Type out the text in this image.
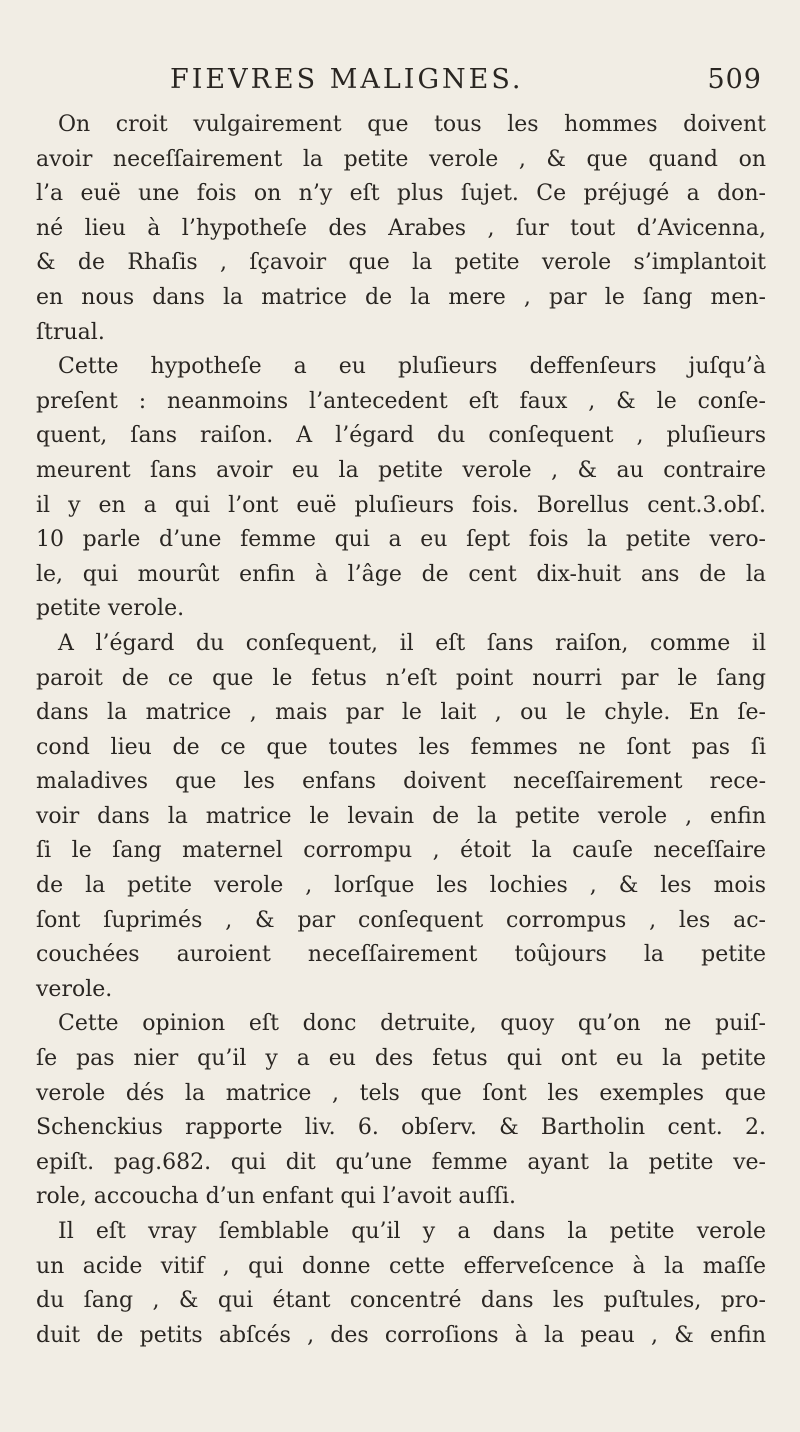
FIEVRES MALIGNES.	509
On croit vulgairement que tous les hommes doivent
avoir neceſſairement la petite verole , & que quand on
l’a euë une fois on n’y eſt plus ſujet. Ce préjugé a don-
né lieu à l’hypotheſe des Arabes , ſur tout d’Avicenna,
& de Rhaſis , ſçavoir que la petite verole s’implantoit
en nous dans la matrice de la mere , par le ſang men-
ſtrual.
Cette hypotheſe a eu pluſieurs deffenſeurs juſqu’à
preſent : neanmoins l’antecedent eſt faux , & le conſe-
quent, ſans raiſon. A l’égard du conſequent , pluſieurs
meurent ſans avoir eu la petite verole , & au contraire
il y en a qui l’ont euë pluſieurs fois. Borellus cent.3.obſ.
10 parle d’une femme qui a eu ſept fois la petite vero-
le, qui mourût enfin à l’âge de cent dix-huit ans de la
petite verole.
A l’égard du conſequent, il eſt ſans raiſon, comme il
paroit de ce que le fetus n’eſt point nourri par le ſang
dans la matrice , mais par le lait , ou le chyle. En ſe-
cond lieu de ce que toutes les femmes ne ſont pas ſi
maladives que les enfans doivent neceſſairement rece-
voir dans la matrice le levain de la petite verole , enfin
ſi le ſang maternel corrompu , étoit la cauſe neceſſaire
de la petite verole , lorſque les lochies , & les mois
ſont ſuprimés , & par conſequent corrompus , les ac-
couchées auroient neceſſairement toûjours la petite
verole.
Cette opinion eſt donc detruite, quoy qu’on ne puiſ-
ſe pas nier qu’il y a eu des fetus qui ont eu la petite
verole dés la matrice , tels que ſont les exemples que
Schenckius rapporte liv. 6. obſerv. & Bartholin cent. 2.
epiſt. pag.682. qui dit qu’une femme ayant la petite ve-
role, accoucha d’un enfant qui l’avoit auſſi.
Il eſt vray ſemblable qu’il y a dans la petite verole
un acide vitif , qui donne cette efferveſcence à la maſſe
du ſang , & qui étant concentré dans les puſtules, pro-
duit de petits abſcés , des corroſions à la peau , & enfin
